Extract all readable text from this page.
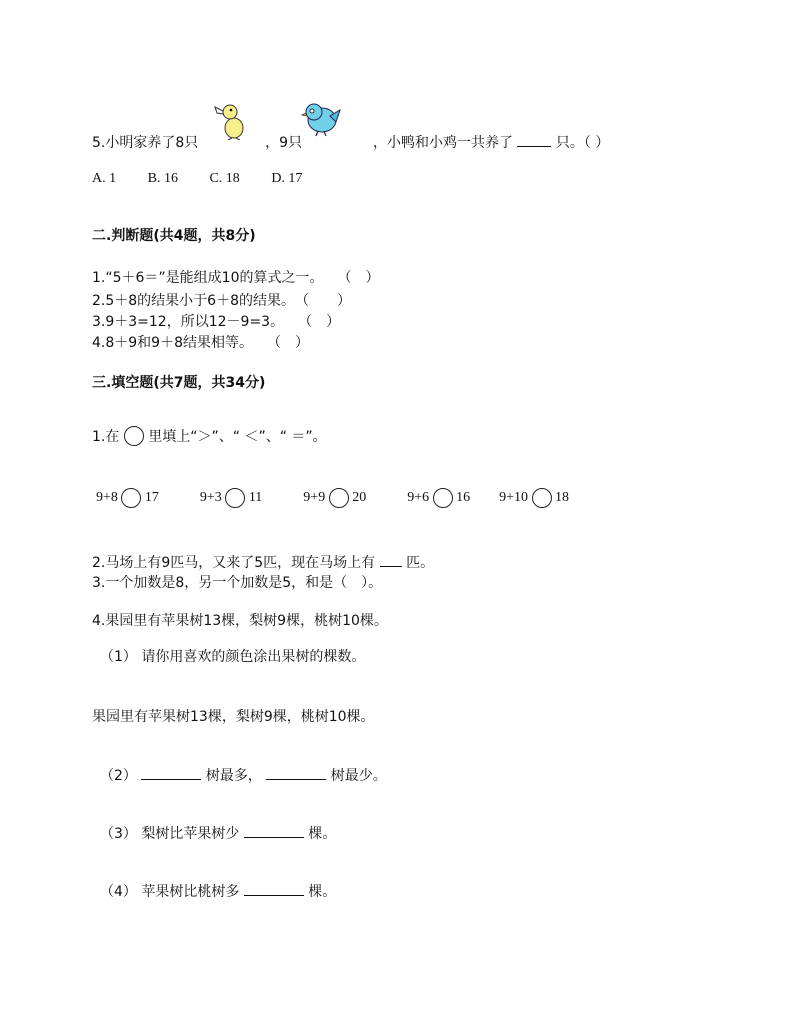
5.小明家养了8只	，9只	，小鸭和小鸡一共养了	只。（ ）
A. 1 B. 16 C. 18 D. 17
二.判断题(共4题，共8分)
1.“5＋6＝”是能组成10的算式之一。　　（　）
2.5＋8的结果小于6＋8的结果。　（　　）
3.9＋3=12，所以12－9=3。　　（　）
4.8＋9和9＋8结果相等。　　（　）
三.填空题(共7题，共34分)
1.在 里填上“＞”、“ ＜”、“ ＝”。
9+8 17	9+3 11	9+9 20	9+6 16 9+10 18
2.马场上有9匹马，又来了5匹，现在马场上有 匹。
3.一个加数是8，另一个加数是5，和是（　）。
4.果园里有苹果树13棵，梨树9棵，桃树10棵。
（1） 请你用喜欢的颜色涂出果树的棵数。
果园里有苹果树13棵，梨树9棵，桃树10棵。
（2）	树最多，	树最少。
（3） 梨树比苹果树少	棵。
（4） 苹果树比桃树多	棵。
